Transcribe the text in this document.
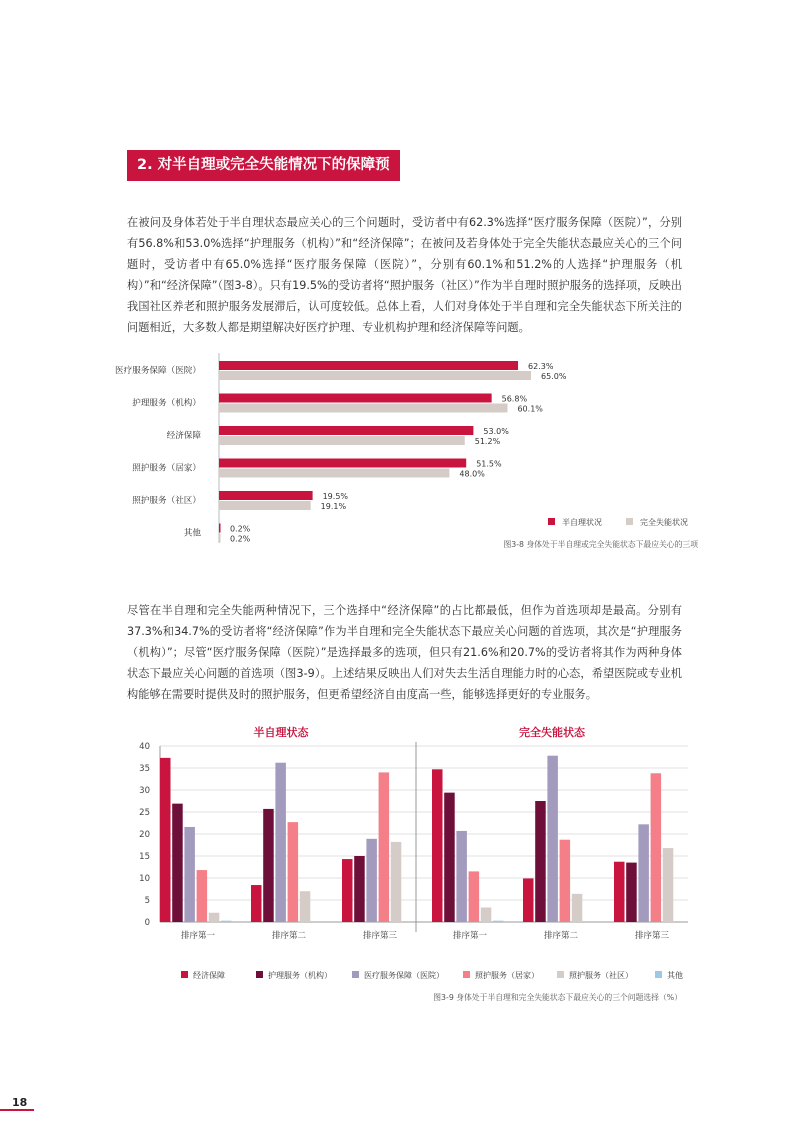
2. 对半自理或完全失能情况下的保障预期

在被问及身体若处于半自理状态最应关心的三个问题时，受访者中有62.3%选择“医疗服务保障（医院）”，分别有56.8%和53.0%选择“护理服务（机构）”和“经济保障”；在被问及若身体处于完全失能状态最应关心的三个问题时，受访者中有65.0%选择“医疗服务保障（医院）”，分别有60.1%和51.2%的人选择“护理服务（机构）”和“经济保障”（图3-8）。只有19.5%的受访者将“照护服务（社区）”作为半自理时照护服务的选择项，反映出我国社区养老和照护服务发展滞后，认可度较低。总体上看，人们对身体处于半自理和完全失能状态下所关注的问题相近，大多数人都是期望解决好医疗护理、专业机构护理和经济保障等问题。

医疗服务保障（医院）	62.3%
65.0%
护理服务（机构）	56.8%
60.1%
经济保障	53.0%
51.2%
照护服务（居家）	51.5%
48.0%
照护服务（社区）	19.5%
19.1%
其他	0.2%
0.2%
半自理状况	完全失能状况
图3-8 身体处于半自理或完全失能状态下最应关心的三项

尽管在半自理和完全失能两种情况下，三个选择中“经济保障”的占比都最低，但作为首选项却是最高。分别有37.3%和34.7%的受访者将“经济保障”作为半自理和完全失能状态下最应关心问题的首选项，其次是“护理服务（机构）”；尽管“医疗服务保障（医院）”是选择最多的选项，但只有21.6%和20.7%的受访者将其作为两种身体状态下最应关心问题的首选项（图3-9）。上述结果反映出人们对失去生活自理能力时的心态，希望医院或专业机构能够在需要时提供及时的照护服务，但更希望经济自由度高一些，能够选择更好的专业服务。

0
5
10
15
20
25
30
35
40
半自理状态	完全失能状态
排序第一	排序第二	排序第三	排序第一	排序第二	排序第三
经济保障	护理服务（机构）	医疗服务保障（医院）	照护服务（居家）	照护服务（社区）	其他
图3-9 身体处于半自理和完全失能状态下最应关心的三个问题选择（%）
18
